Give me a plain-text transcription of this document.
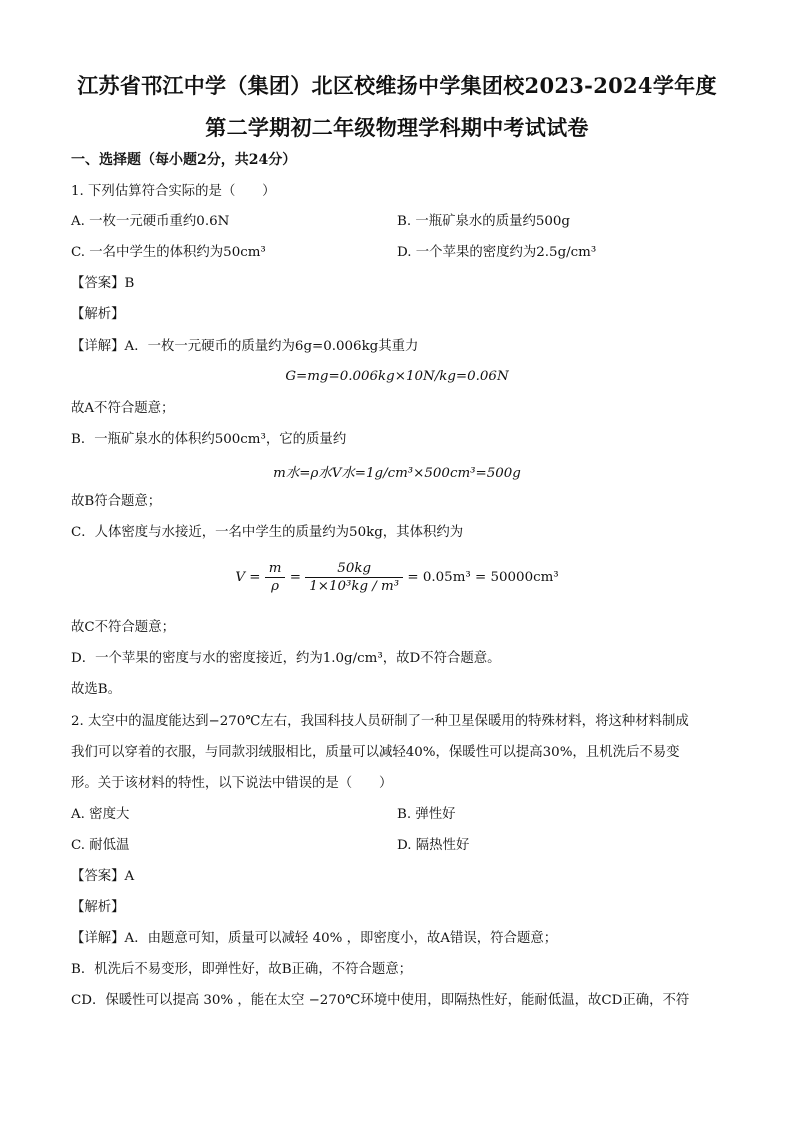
江苏省邗江中学（集团）北区校维扬中学集团校2023-2024学年度
第二学期初二年级物理学科期中考试试卷
一、选择题（每小题2分，共24分）
1. 下列估算符合实际的是（　　）
A. 一枚一元硬币重约0.6N	B. 一瓶矿泉水的质量约500g
C. 一名中学生的体积约为50cm³	D. 一个苹果的密度约为2.5g/cm³
【答案】B
【解析】
【详解】A．一枚一元硬币的质量约为6g=0.006kg其重力
G=mg=0.006kg×10N/kg=0.06N
故A不符合题意；
B．一瓶矿泉水的体积约500cm³，它的质量约
m水=ρ水V水=1g/cm³×500cm³=500g
故B符合题意；
C．人体密度与水接近，一名中学生的质量约为50kg，其体积约为
$V = \frac{m}{\rho} = \frac{50kg}{\text{1×10³kg / m³}} = 0.05m^3 = 50000cm^3$
故C不符合题意；
D．一个苹果的密度与水的密度接近，约为1.0g/cm³，故D不符合题意。
故选B。
2. 太空中的温度能达到−270℃左右，我国科技人员研制了一种卫星保暖用的特殊材料，将这种材料制成
我们可以穿着的衣服，与同款羽绒服相比，质量可以减轻40%，保暖性可以提高30%，且机洗后不易变
形。关于该材料的特性，以下说法中错误的是（　　）
A. 密度大	B. 弹性好
C. 耐低温	D. 隔热性好
【答案】A
【解析】
【详解】A．由题意可知，质量可以减轻 40% ，即密度小，故A错误，符合题意；
B．机洗后不易变形，即弹性好，故B正确，不符合题意；
CD．保暖性可以提高 30% ，能在太空 −270℃环境中使用，即隔热性好，能耐低温，故CD正确，不符
